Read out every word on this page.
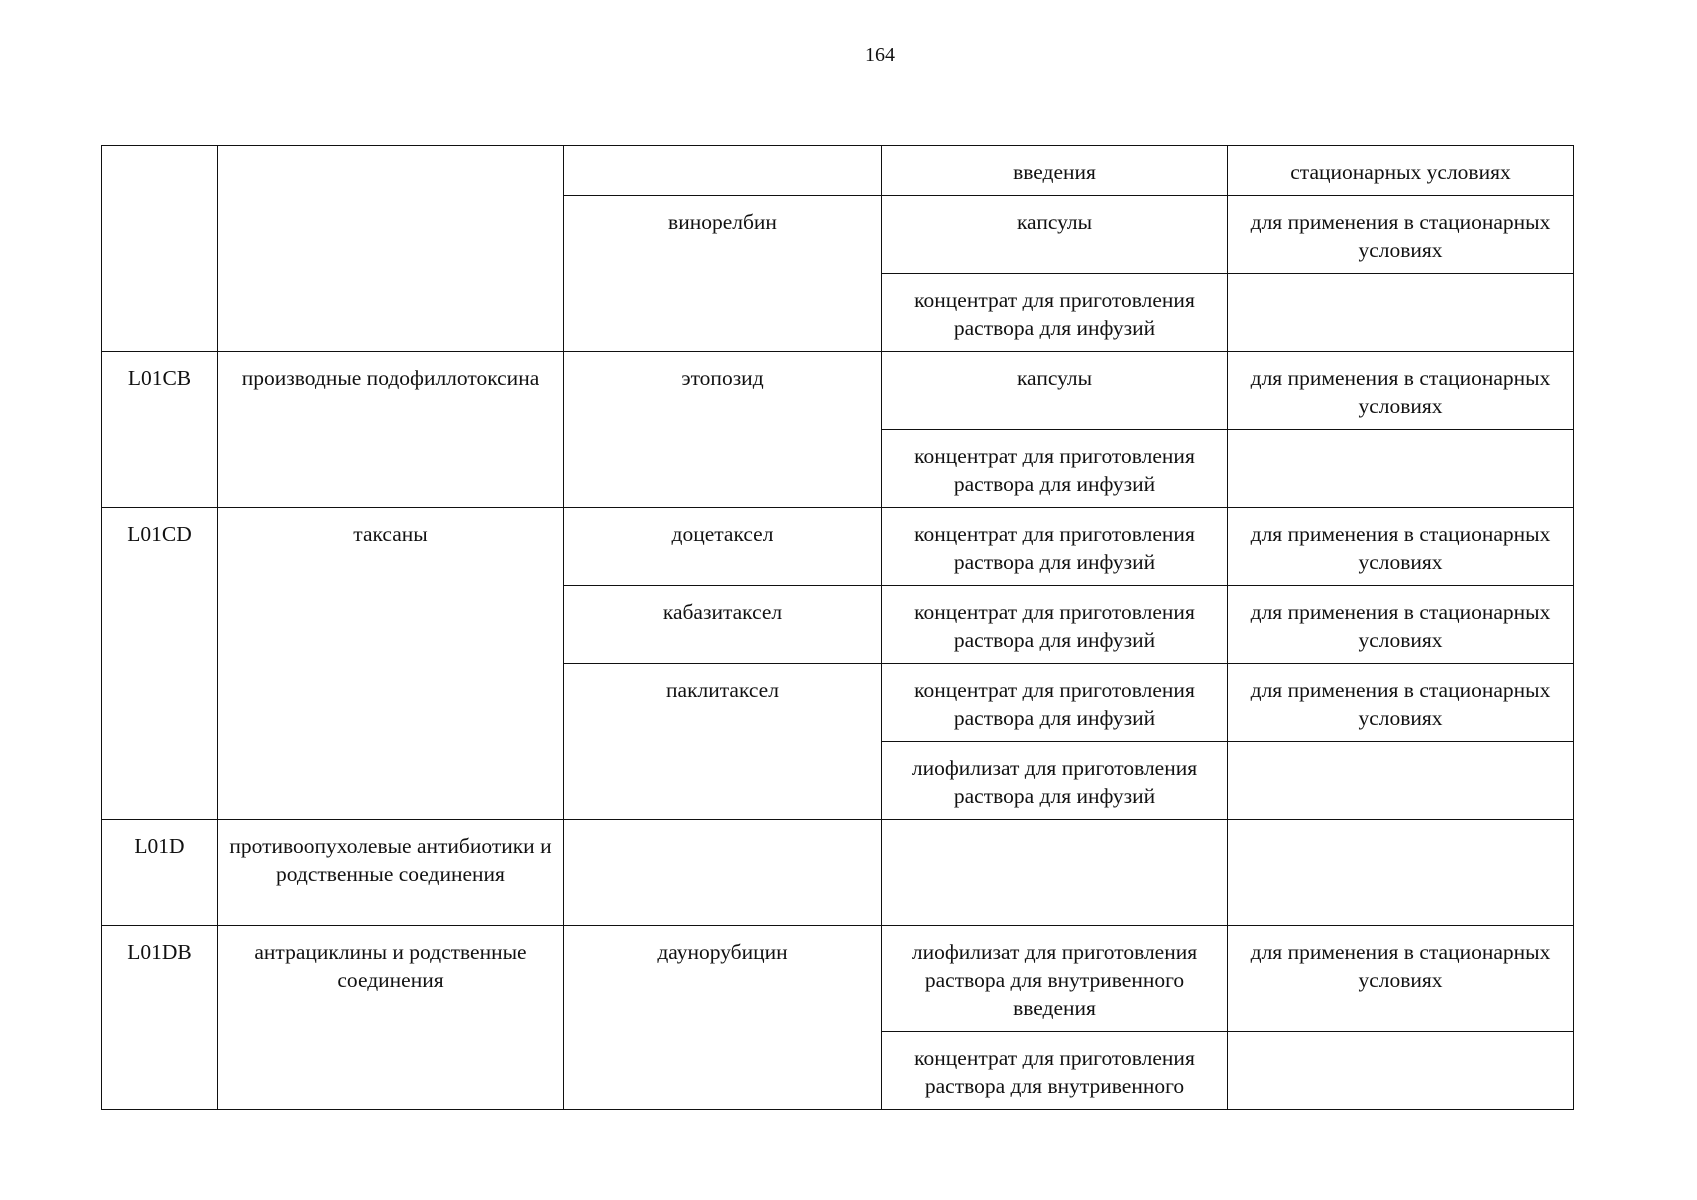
164
			введения	стационарных условиях
		винорелбин	капсулы	для применения в стационарных условиях
			концентрат для приготовления раствора для инфузий	
L01CB	производные подофиллотоксина	этопозид	капсулы	для применения в стационарных условиях
			концентрат для приготовления раствора для инфузий	
L01CD	таксаны	доцетаксел	концентрат для приготовления раствора для инфузий	для применения в стационарных условиях
		кабазитаксел	концентрат для приготовления раствора для инфузий	для применения в стационарных условиях
		паклитаксел	концентрат для приготовления раствора для инфузий	для применения в стационарных условиях
			лиофилизат для приготовления раствора для инфузий	
L01D	противоопухолевые антибиотики и родственные соединения			
L01DB	антрациклины и родственные соединения	даунорубицин	лиофилизат для приготовления раствора для внутривенного введения	для применения в стационарных условиях
			концентрат для приготовления раствора для внутривенного	
